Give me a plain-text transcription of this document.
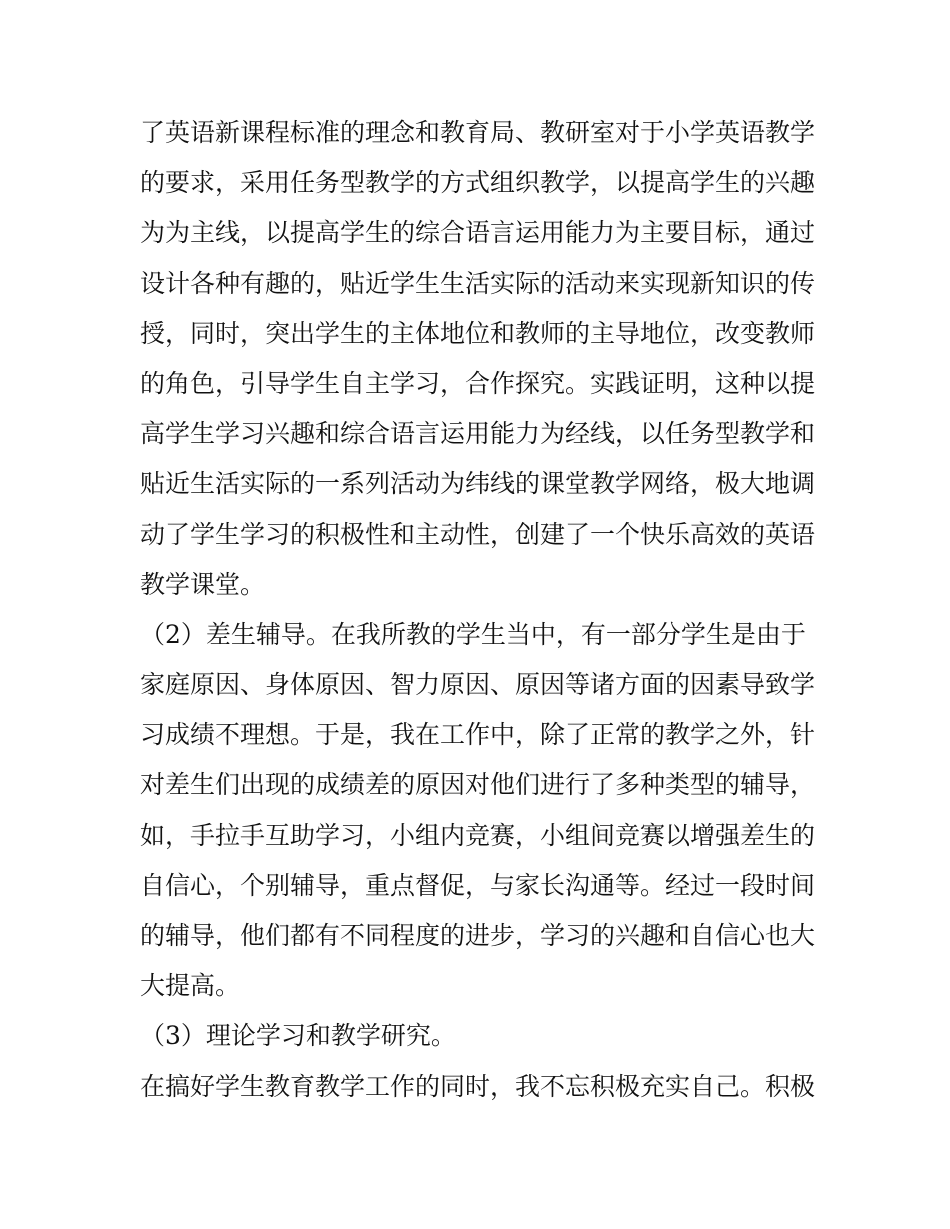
了英语新课程标准的理念和教育局、教研室对于小学英语教学
的要求，采用任务型教学的方式组织教学，以提高学生的兴趣
为为主线，以提高学生的综合语言运用能力为主要目标，通过
设计各种有趣的，贴近学生生活实际的活动来实现新知识的传
授，同时，突出学生的主体地位和教师的主导地位，改变教师
的角色，引导学生自主学习，合作探究。实践证明，这种以提
高学生学习兴趣和综合语言运用能力为经线，以任务型教学和
贴近生活实际的一系列活动为纬线的课堂教学网络，极大地调
动了学生学习的积极性和主动性，创建了一个快乐高效的英语
教学课堂。
（2）差生辅导。在我所教的学生当中，有一部分学生是由于
家庭原因、身体原因、智力原因、原因等诸方面的因素导致学
习成绩不理想。于是，我在工作中，除了正常的教学之外，针
对差生们出现的成绩差的原因对他们进行了多种类型的辅导，
如，手拉手互助学习，小组内竞赛，小组间竞赛以增强差生的
自信心，个别辅导，重点督促，与家长沟通等。经过一段时间
的辅导，他们都有不同程度的进步，学习的兴趣和自信心也大
大提高。
（3）理论学习和教学研究。
在搞好学生教育教学工作的同时，我不忘积极充实自己。积极
